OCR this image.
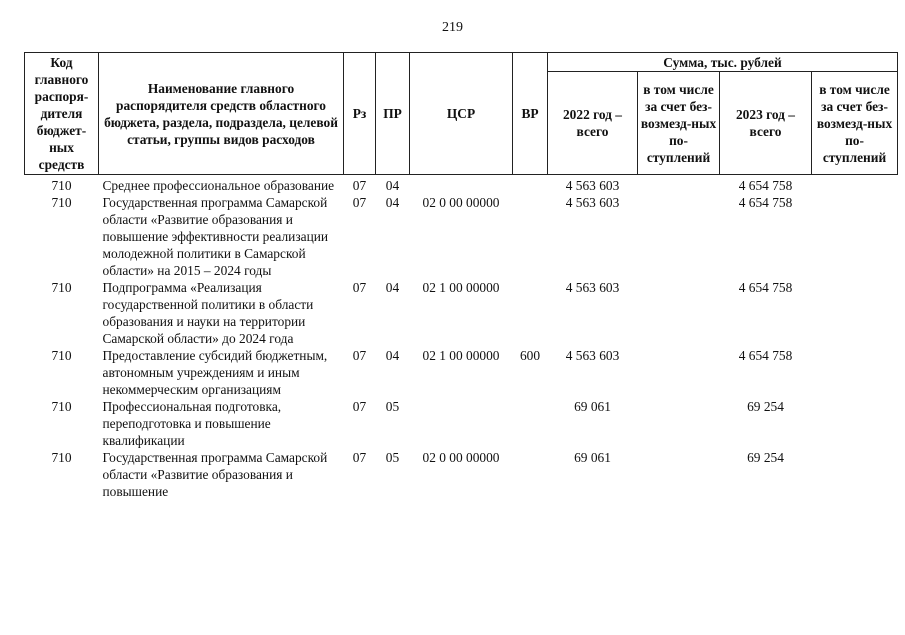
219
Код главного распоря-дителя бюджет-ных средств	Наименование главного распорядителя средств областного бюджета, раздела, подраздела, целевой статьи, группы видов расходов	Рз	ПР	ЦСР	ВР	Сумма, тыс. рублей			
						2022 год – всего	в том числе за счет без-возмезд-ных по-ступлений	2023 год – всего	в том числе за счет без-возмезд-ных по-ступлений
710	Среднее профессиональное образование	07	04			4 563 603		4 654 758	
710	Государственная программа Самарской области «Развитие образования и повышение эффективности реализации молодежной политики в Самарской области» на 2015 – 2024 годы	07	04	02 0 00 00000		4 563 603		4 654 758	
710	Подпрограмма «Реализация государственной политики в области образования и науки на территории Самарской области» до 2024 года	07	04	02 1 00 00000		4 563 603		4 654 758	
710	Предоставление субсидий бюджетным, автономным учреждениям и иным некоммерческим организациям	07	04	02 1 00 00000	600	4 563 603		4 654 758	
710	Профессиональная подготовка, переподготовка и повышение квалификации	07	05			69 061		69 254	
710	Государственная программа Самарской области «Развитие образования и повышение	07	05	02 0 00 00000		69 061		69 254	
